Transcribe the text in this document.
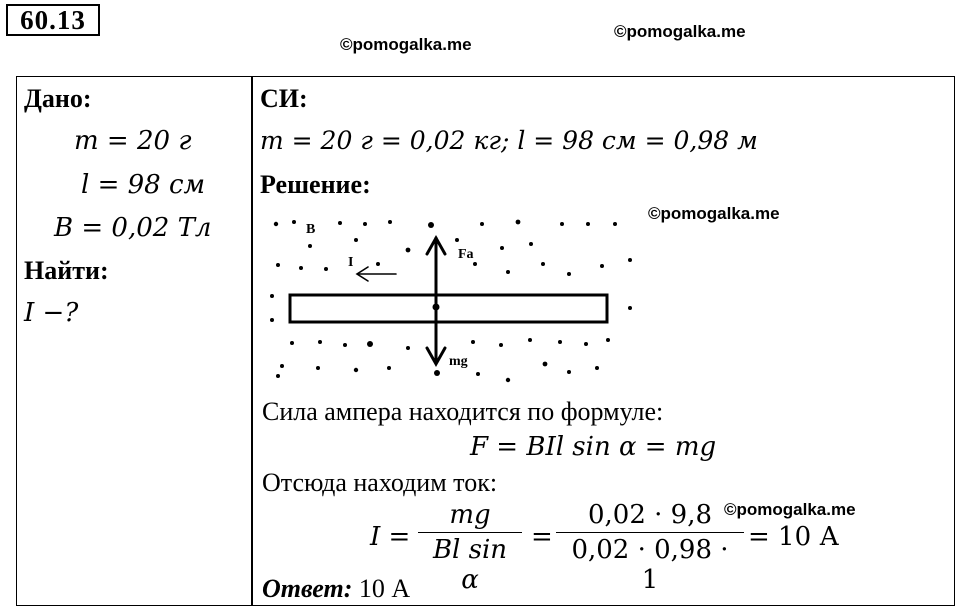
60.13
©pomogalka.me
©pomogalka.me
©pomogalka.me
©pomogalka.me
Дано:
m = 20 г
l = 98 см
B = 0,02 Тл
Найти:
I −?
СИ:
m = 20 г = 0,02 кг; l = 98 см = 0,98 м
Решение:
B
I
Fa
mg
Сила ампера находится по формуле:
F = BIl sin α = mg
Отсюда находим ток:
$I = \frac{mg}{\text{Bl sin α}} = \frac{0,02 \cdot 9,8}{0,02 \cdot 0,98 \cdot 1} = 10$ А
Ответ: 10 А
